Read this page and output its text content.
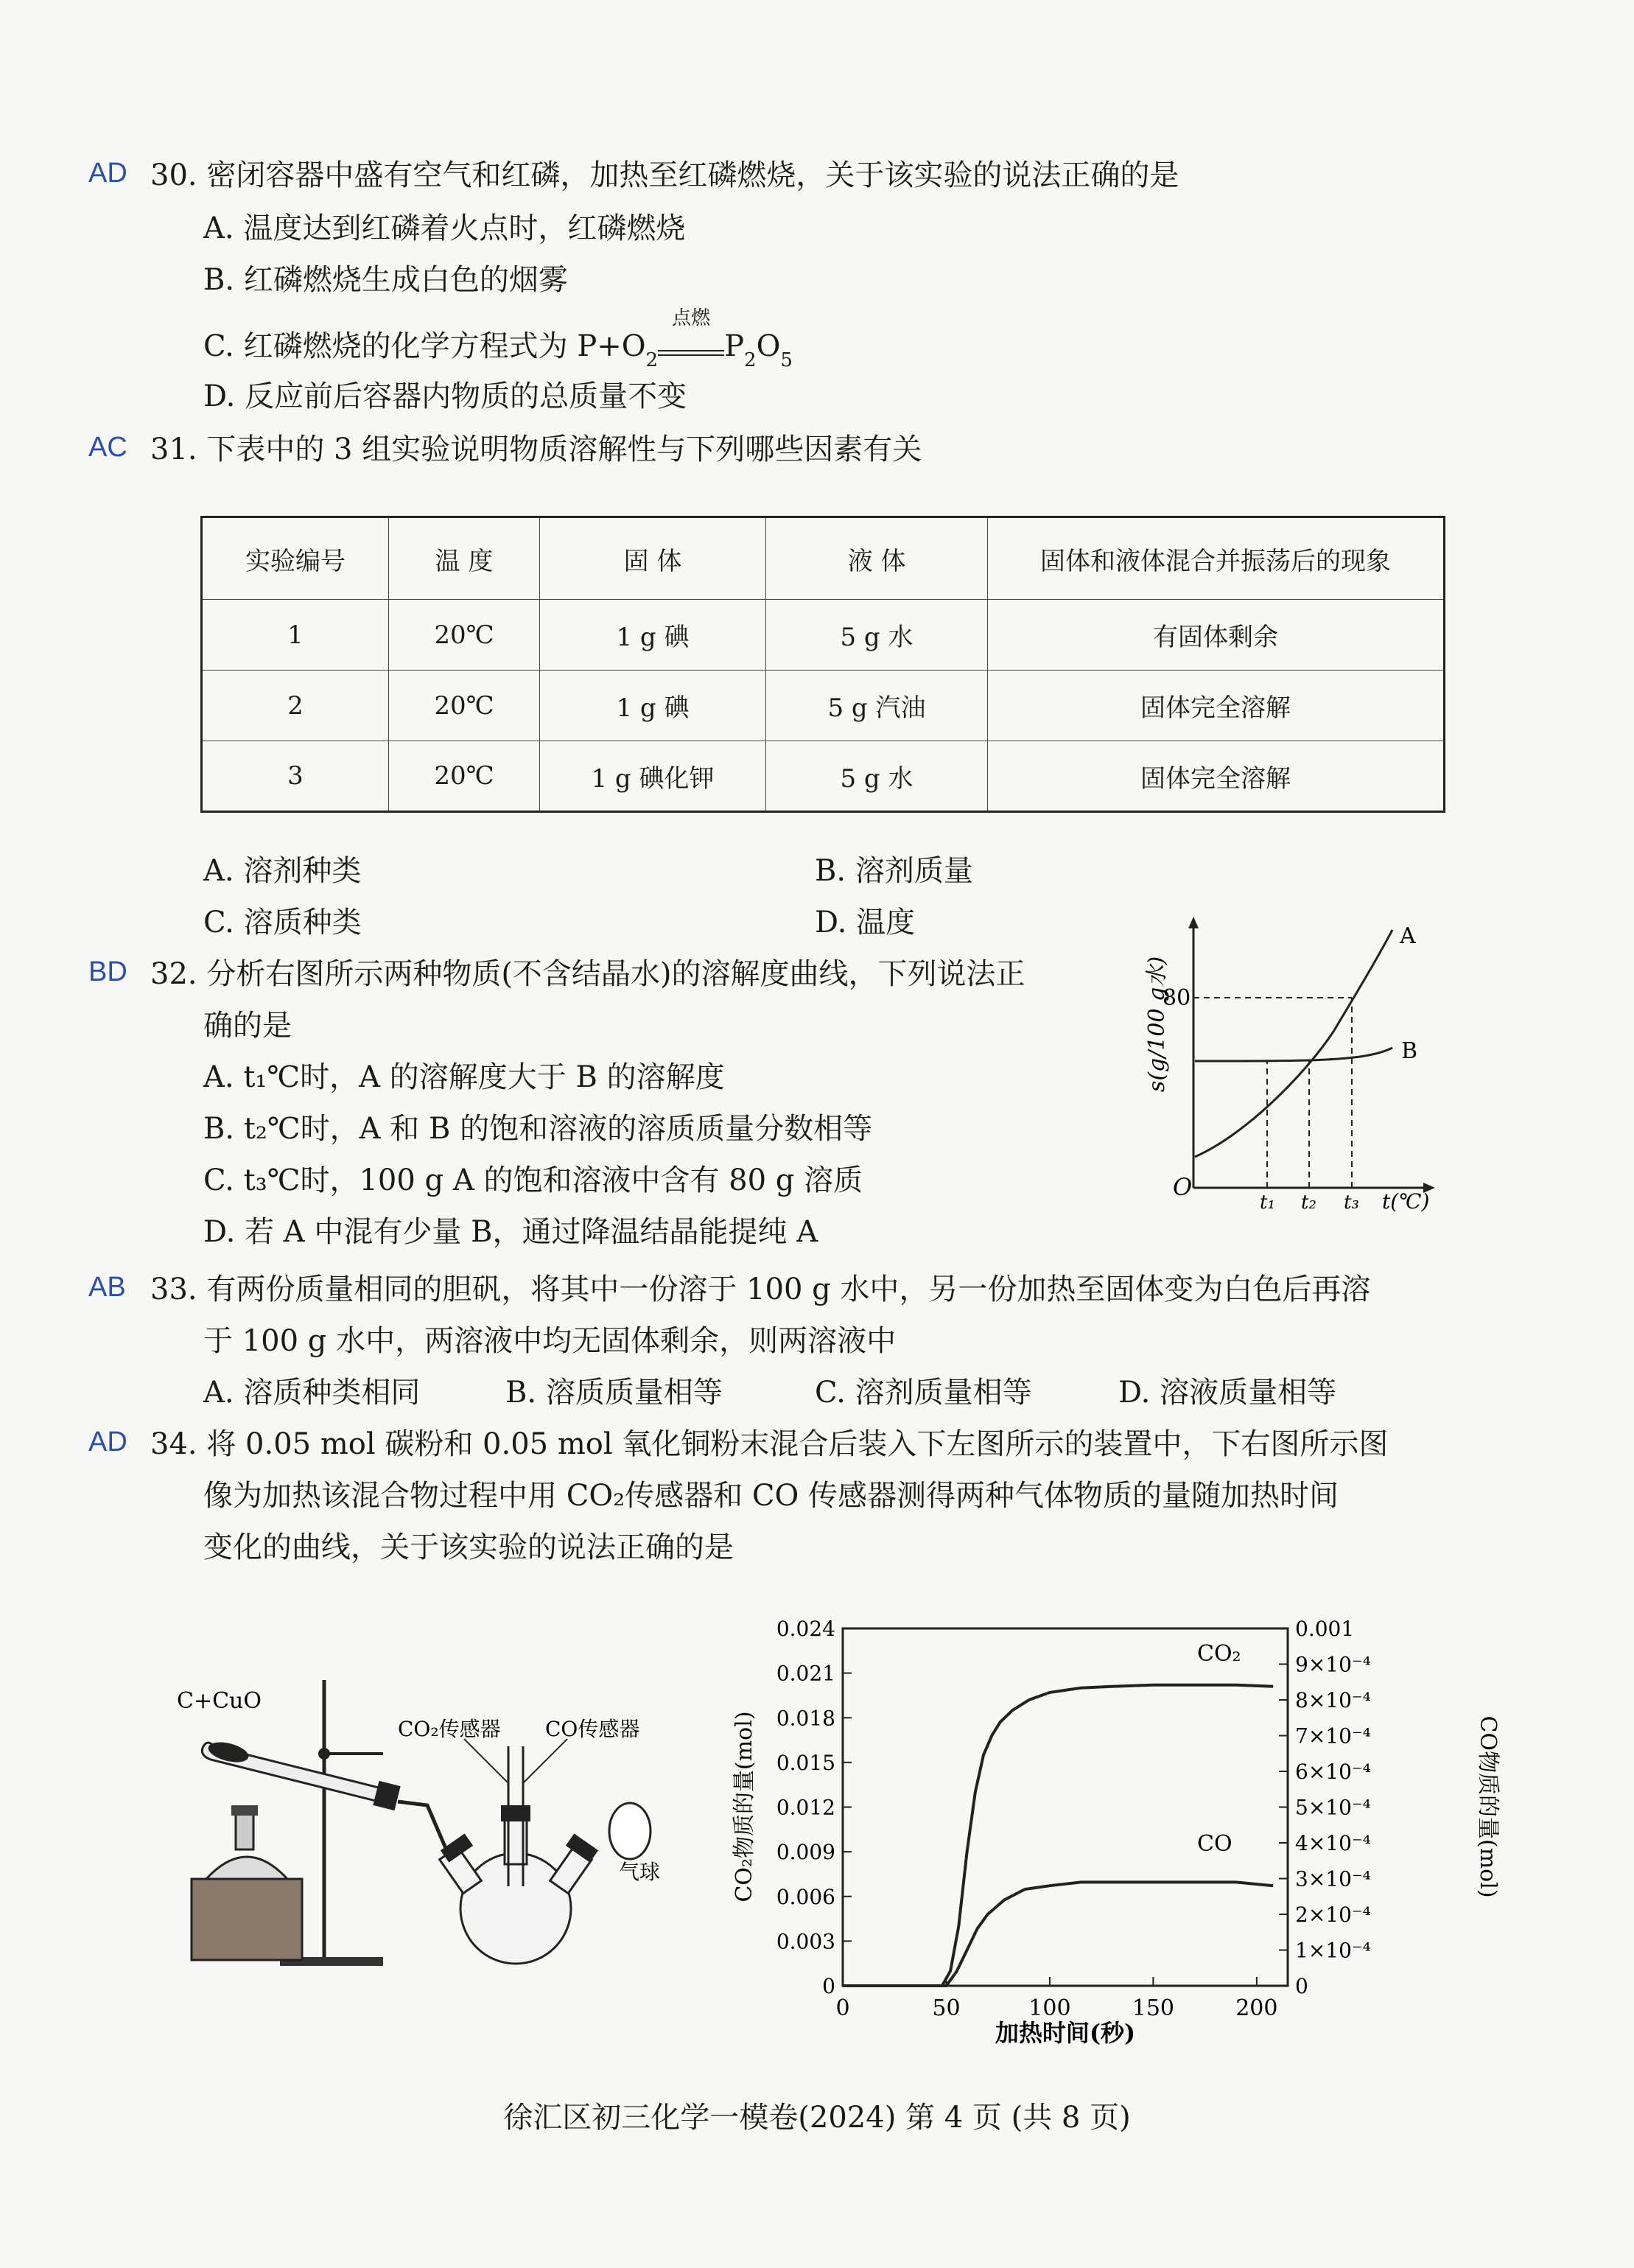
AD 30. 密闭容器中盛有空气和红磷，加热至红磷燃烧，关于该实验的说法正确的是
A. 温度达到红磷着火点时，红磷燃烧
B. 红磷燃烧生成白色的烟雾
C. 红磷燃烧的化学方程式为 $P+O_2$
点燃
$P_2O_5$
D. 反应前后容器内物质的总质量不变
AC 31. 下表中的 3 组实验说明物质溶解性与下列哪些因素有关
实验编号	温 度	固 体	液 体	固体和液体混合并振荡后的现象
1	20℃	1 g 碘	5 g 水	有固体剩余
2	20℃	1 g 碘	5 g 汽油	固体完全溶解
3	20℃	1 g 碘化钾	5 g 水	固体完全溶解
A. 溶剂种类	B. 溶剂质量
C. 溶质种类	D. 温度
BD 32. 分析右图所示两种物质(不含结晶水)的溶解度曲线，下列说法正
确的是
A. t₁℃时，A 的溶解度大于 B 的溶解度
B. t₂℃时，A 和 B 的饱和溶液的溶质质量分数相等
C. t₃℃时，100 g A 的饱和溶液中含有 80 g 溶质
D. 若 A 中混有少量 B，通过降温结晶能提纯 A
s(g/100 g水)
O
80
A
B
t₁ t₂ t₃ t(℃)
AB 33. 有两份质量相同的胆矾，将其中一份溶于 100 g 水中，另一份加热至固体变为白色后再溶
于 100 g 水中，两溶液中均无固体剩余，则两溶液中
A. 溶质种类相同	B. 溶质质量相等	C. 溶剂质量相等	D. 溶液质量相等
AD 34. 将 0.05 mol 碳粉和 0.05 mol 氧化铜粉末混合后装入下左图所示的装置中，下右图所示图
像为加热该混合物过程中用 CO₂传感器和 CO 传感器测得两种气体物质的量随加热时间
变化的曲线，关于该实验的说法正确的是
C+CuO
CO₂传感器 CO传感器
气球
0
0.003
0.006
0.009
0.012
0.015
0.018
0.021
0.024
0
1×10⁻⁴
2×10⁻⁴
3×10⁻⁴
4×10⁻⁴
5×10⁻⁴
6×10⁻⁴
7×10⁻⁴
8×10⁻⁴
9×10⁻⁴
0.001
0	50	100	150	200
CO₂
CO
CO₂物质的量(mol)	CO物质的量(mol)
加热时间(秒)
徐汇区初三化学一模卷(2024) 第 4 页 (共 8 页)
